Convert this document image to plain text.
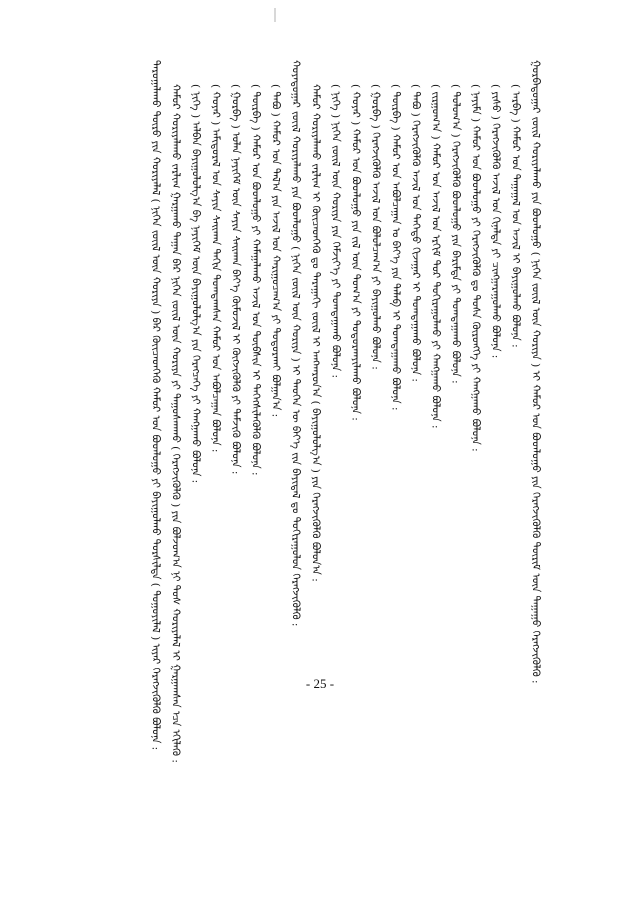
ᠳᠠᠷᠤᠭᠠᠯᠠᠬᠤ ᠲᠥᠷᠥ ᠶᠢᠨ ᠬᠣᠷᠢᠶᠠᠯᠠᠯ ( ᠨᠢᠭᠡᠨ ᠵᠦᠢᠯ ᠦᠨ ᠬᠣᠷᠢᠶᠠ ) ᠪᠠᠷ ᠭᠦᠢᠴᠡᠳᠬᠡᠬᠦ ᠬᠠᠮᠤᠷ ᠤᠨ ᠪᠣᠳᠯᠣᠭᠣ ᠶᠢ ᠪᠠᠶᠢᠭᠤᠯᠬᠤ ᠲᠤᠷᠰᠢᠯᠲᠠ ( ᠳᠣᠭᠣᠶᠢᠯᠠᠯ ) ᠢᠶᠠᠷ ᠬᠡᠷᠡᠭᠵᠢᠭᠦᠯᠬᠦ ᠪᠣᠯᠤᠨᠠ : ᠬᠠᠮᠤᠷ ᠬᠣᠷᠢᠶᠠᠯᠠᠬᠤ ᠵᠠᠷᠯᠢᠭ ᠭᠠᠷᠭᠠᠬᠤ ᠳᠠᠭᠠᠨ ᠪᠡᠷ ᠨᠢᠭᠡᠨ ᠵᠦᠢᠯ ᠦᠨ ᠬᠣᠷᠢᠶᠠ ᠶᠢ ᠳᠠᠭᠤᠰᠬᠠᠬᠤ ( ᠬᠡᠷᠡᠭᠵᠢᠭᠦᠯᠬᠦ ) ᠶᠢᠨ ᠪᠣᠯᠵᠣᠭ᠎ᠠ ᠨᠢ ᠲᠤᠰ ᠬᠣᠷᠢᠶᠠᠯᠠᠯ ᠢ ᠭᠠᠷᠭᠠᠭᠰᠠᠨ ᠡᠴᠡ ᠡᠬᠢᠯᠡᠬᠦ : ( ᠨᠢᠭᠡ ) ᠠᠯᠪᠠᠨ ᠪᠠᠶᠢᠭᠤᠯᠤᠯᠭ᠎ᠠ ᠪᠠ ᠨᠡᠶᠢᠭᠡᠮ ᠦᠨ ᠪᠠᠶᠢᠭᠤᠯᠤᠯᠭ᠎ᠠ ᠶᠢᠨ ᠬᠡᠷᠡᠭᠴᠡᠭᠡ ᠶᠢ ᠬᠠᠩᠭᠠᠬᠤ ᠪᠣᠯᠤᠨᠠ : ( ᠬᠣᠶᠠᠷ ) ᠠᠮᠢᠳᠤᠷᠠᠯ ᠤᠨ ᠰᠠᠶᠢᠨ ᠰᠠᠢᠬᠠᠨ ᠳᠠᠬᠢᠨ ᠲᠣᠭᠲᠠᠭᠰᠠᠨ ᠬᠠᠮᠤᠷ ᠤᠨ ᠠᠪᠤᠯᠴᠠᠭᠠᠨ ᠪᠣᠯᠤᠨᠠ : ( ᠭᠤᠷᠪᠠ ) ᠣᠯᠠᠨ ᠨᠡᠶᠢᠭᠡᠮ ᠦᠨ ᠰᠠᠶᠢᠨ ᠰᠠᠢᠬᠠᠨ ᠪᠡᠶ᠎ᠡ ᠬᠦᠮᠦᠵᠢᠯ ᠢ ᠬᠥᠭᠵᠢᠭᠦᠯᠬᠦ ᠶᠢ ᠳᠡᠮᠵᠢᠬᠦ ᠪᠣᠯᠤᠨᠠ : ( ᠳᠥᠷᠪᠡ ) ᠬᠠᠮᠤᠷ ᠤᠨ ᠪᠣᠳᠯᠣᠭᠣ ᠶᠢ ᠬᠠᠮᠠᠭᠠᠯᠠᠬᠤ ᠠᠵᠢᠯ ᠤᠨ ᠲᠦᠪᠰᠢᠨ ᠢ ᠳᠡᠭᠡᠭᠰᠢᠯᠡᠭᠦᠯᠬᠦ ᠪᠣᠯᠤᠨᠠ : ( ᠲᠠᠪᠤ ) ᠬᠠᠮᠤᠷ ᠤᠨ ᠲᠠᠯ᠎ᠠ ᠶᠢᠨ ᠠᠵᠢᠯ ᠤᠨ ᠬᠠᠷᠢᠭᠤᠴᠠᠭ᠎ᠠ ᠶᠢ ᠲᠣᠳᠣᠷᠬᠠᠶ ᠪᠣᠯᠭᠠᠨ᠎ᠠ : ᠬᠣᠶᠠᠳᠤᠭᠠᠷ ᠵᠦᠢᠯ ᠬᠣᠷᠢᠶᠠᠯᠠᠬᠤ ᠶᠢᠨ ᠪᠣᠳᠯᠣᠭᠣ ( ᠨᠢᠭᠡᠨ ᠵᠦᠢᠯ ᠦᠨ ᠬᠣᠷᠢᠶᠠ ) ᠢ ᠲᠡᠦᠬᠡᠨ ᠦ ᠪᠡᠶ᠎ᠡ ᠵᠢᠨ ᠪᠠᠶᠢᠳᠠᠯ ᠳᠤ ᠲᠣᠬᠢᠷᠠᠭᠤᠯᠤᠨ ᠬᠡᠷᠡᠭᠵᠢᠭᠦᠯᠬᠦ : ᠬᠠᠮᠤᠷ ᠬᠣᠷᠢᠶᠠᠯᠠᠬᠤ ᠵᠠᠷᠯᠢᠭ ᠢ ᠭᠦᠢᠴᠡᠳᠭᠡᠬᠦ ᠳᠤ ᠳᠠᠷᠠᠭᠠᠬᠢ ᠵᠦᠢᠯ ᠢ ᠠᠩᠬᠠᠷᠤᠨ᠎ᠠ ( ᠪᠠᠶᠢᠭᠤᠯᠤᠯᠭ᠎ᠠ ) ᠶᠢᠨ ᠬᠡᠷᠡᠭᠵᠢᠭᠦᠯᠬᠦ ᠪᠣᠯᠤᠨ᠎ᠠ : ( ᠨᠢᠭᠡ ) ᠨᠢᠭᠡᠨ ᠵᠦᠢᠯ ᠦᠨ ᠬᠣᠷᠢᠶᠠ ᠶᠢᠨ ᠬᠡᠮᠵᠢᠶ᠎ᠡ ᠶᠢ ᠲᠣᠭᠲᠠᠭᠠᠬᠤ ᠪᠣᠯᠤᠨᠠ : ( ᠬᠣᠶᠠᠷ ) ᠬᠠᠮᠤᠷ ᠤᠨ ᠪᠣᠳᠯᠣᠭᠣ ᠶᠢᠨ ᠵᠢᠯ ᠦᠨ ᠲᠣᠭ᠎ᠠ ᠶᠢ ᠲᠣᠳᠣᠷᠬᠠᠶᠢᠯᠠᠬᠤ ᠪᠣᠯᠤᠨᠠ : ( ᠭᠤᠷᠪᠠ ) ᠬᠡᠷᠡᠭᠵᠢᠭᠦᠯᠬᠦ ᠠᠵᠢᠯ ᠤᠨ ᠪᠣᠯᠤᠯᠴᠠᠭ᠎ᠠ ᠶᠢ ᠪᠠᠶᠢᠭᠤᠯᠬᠤ ᠪᠣᠯᠤᠨᠠ : ( ᠳᠥᠷᠪᠡ ) ᠬᠠᠮᠤᠷ ᠤᠨ ᠠᠪᠤᠯᠴᠠᠭᠠᠨ ᠤ ᠪᠡᠶ᠎ᠡ ᠶᠢᠨ ᠲᠡᠯᠡᠪ ᠢ ᠲᠣᠭᠲᠠᠭᠠᠬᠤ ᠪᠣᠯᠤᠨᠠ : ( ᠲᠠᠪᠤ ) ᠬᠡᠷᠡᠭᠵᠢᠭᠦᠯᠬᠦ ᠠᠵᠢᠯ ᠤᠨ ᠳᠡᠭᠡᠳᠦ ᠬᠢᠵᠠᠭᠠᠷ ᠢ ᠲᠣᠭᠲᠠᠭᠠᠬᠤ ᠪᠣᠯᠤᠨᠠ : ( ᠵᠢᠷᠭᠤᠭ᠎ᠠ ) ᠬᠠᠮᠤᠷ ᠤᠨ ᠠᠵᠢᠯ ᠤᠨ ᠡᠷᠬᠢᠮ ᠳᠤᠷ ᠲᠣᠬᠢᠷᠠᠭᠤᠯᠬᠤ ᠶᠢ ᠬᠠᠩᠭᠠᠬᠤ ᠪᠣᠯᠤᠨᠠ : ( ᠳᠣᠯᠣᠭ᠎ᠠ ) ᠬᠡᠷᠡᠭᠵᠢᠭᠦᠯᠬᠦ ᠪᠣᠳᠯᠣᠭᠣ ᠶᠢᠨ ᠪᠠᠷᠢᠮᠲᠠ ᠶᠢ ᠲᠣᠭᠲᠠᠭᠠᠬᠤ ᠪᠣᠯᠤᠨᠠ : ( ᠨᠠᠶᠢᠮᠠ ) ᠬᠠᠮᠤᠷ ᠤᠨ ᠪᠣᠳᠯᠣᠭᠣ ᠶᠢ ᠬᠡᠷᠡᠭᠵᠢᠭᠦᠯᠬᠦ ᠳᠤ ᠲᠤᠰᠠ ᠬᠥᠷᠥᠩᠭᠡ ᠶᠢ ᠬᠠᠩᠭᠠᠬᠤ ᠪᠣᠯᠤᠨᠠ : ( ᠶᠢᠰᠦ ) ᠬᠡᠷᠡᠭᠵᠢᠭᠦᠯᠬᠦ ᠠᠵᠢᠯ ᠤᠨ ᠬᠢᠨᠠᠯᠲᠠ ᠶᠢ ᠴᠢᠩᠭᠠᠷᠠᠭᠤᠯᠬᠤ ᠪᠣᠯᠤᠨᠠ : ( ᠠᠷᠪᠠ ) ᠬᠠᠮᠤᠷ ᠤᠨ ᠳᠠᠭᠠᠭᠠᠯ ᠤᠨ ᠠᠵᠢᠯ ᠢ ᠪᠠᠶᠢᠭᠤᠯᠬᠤ ᠪᠣᠯᠤᠨᠠ : ᠭᠤᠷᠪᠠᠳᠤᠭᠠᠷ ᠵᠦᠢᠯ ᠬᠣᠷᠢᠶᠠᠯᠠᠬᠤ ᠶᠢᠨ ᠪᠣᠳᠯᠣᠭᠣ ( ᠨᠢᠭᠡᠨ ᠵᠦᠢᠯ ᠦᠨ ᠬᠣᠷᠢᠶᠠ ) ᠢ ᠬᠠᠮᠤᠷ ᠤᠨ ᠪᠣᠳᠯᠣᠭᠣ ᠶᠢᠨ ᠬᠡᠷᠡᠭᠵᠢᠭᠦᠯᠬᠦ ᠳᠦᠷᠢᠮ ᠦᠨ ᠳᠠᠭᠠᠭᠤ ᠬᠡᠷᠡᠭᠵᠢᠭᠦᠯᠬᠦ :
- 25 -
